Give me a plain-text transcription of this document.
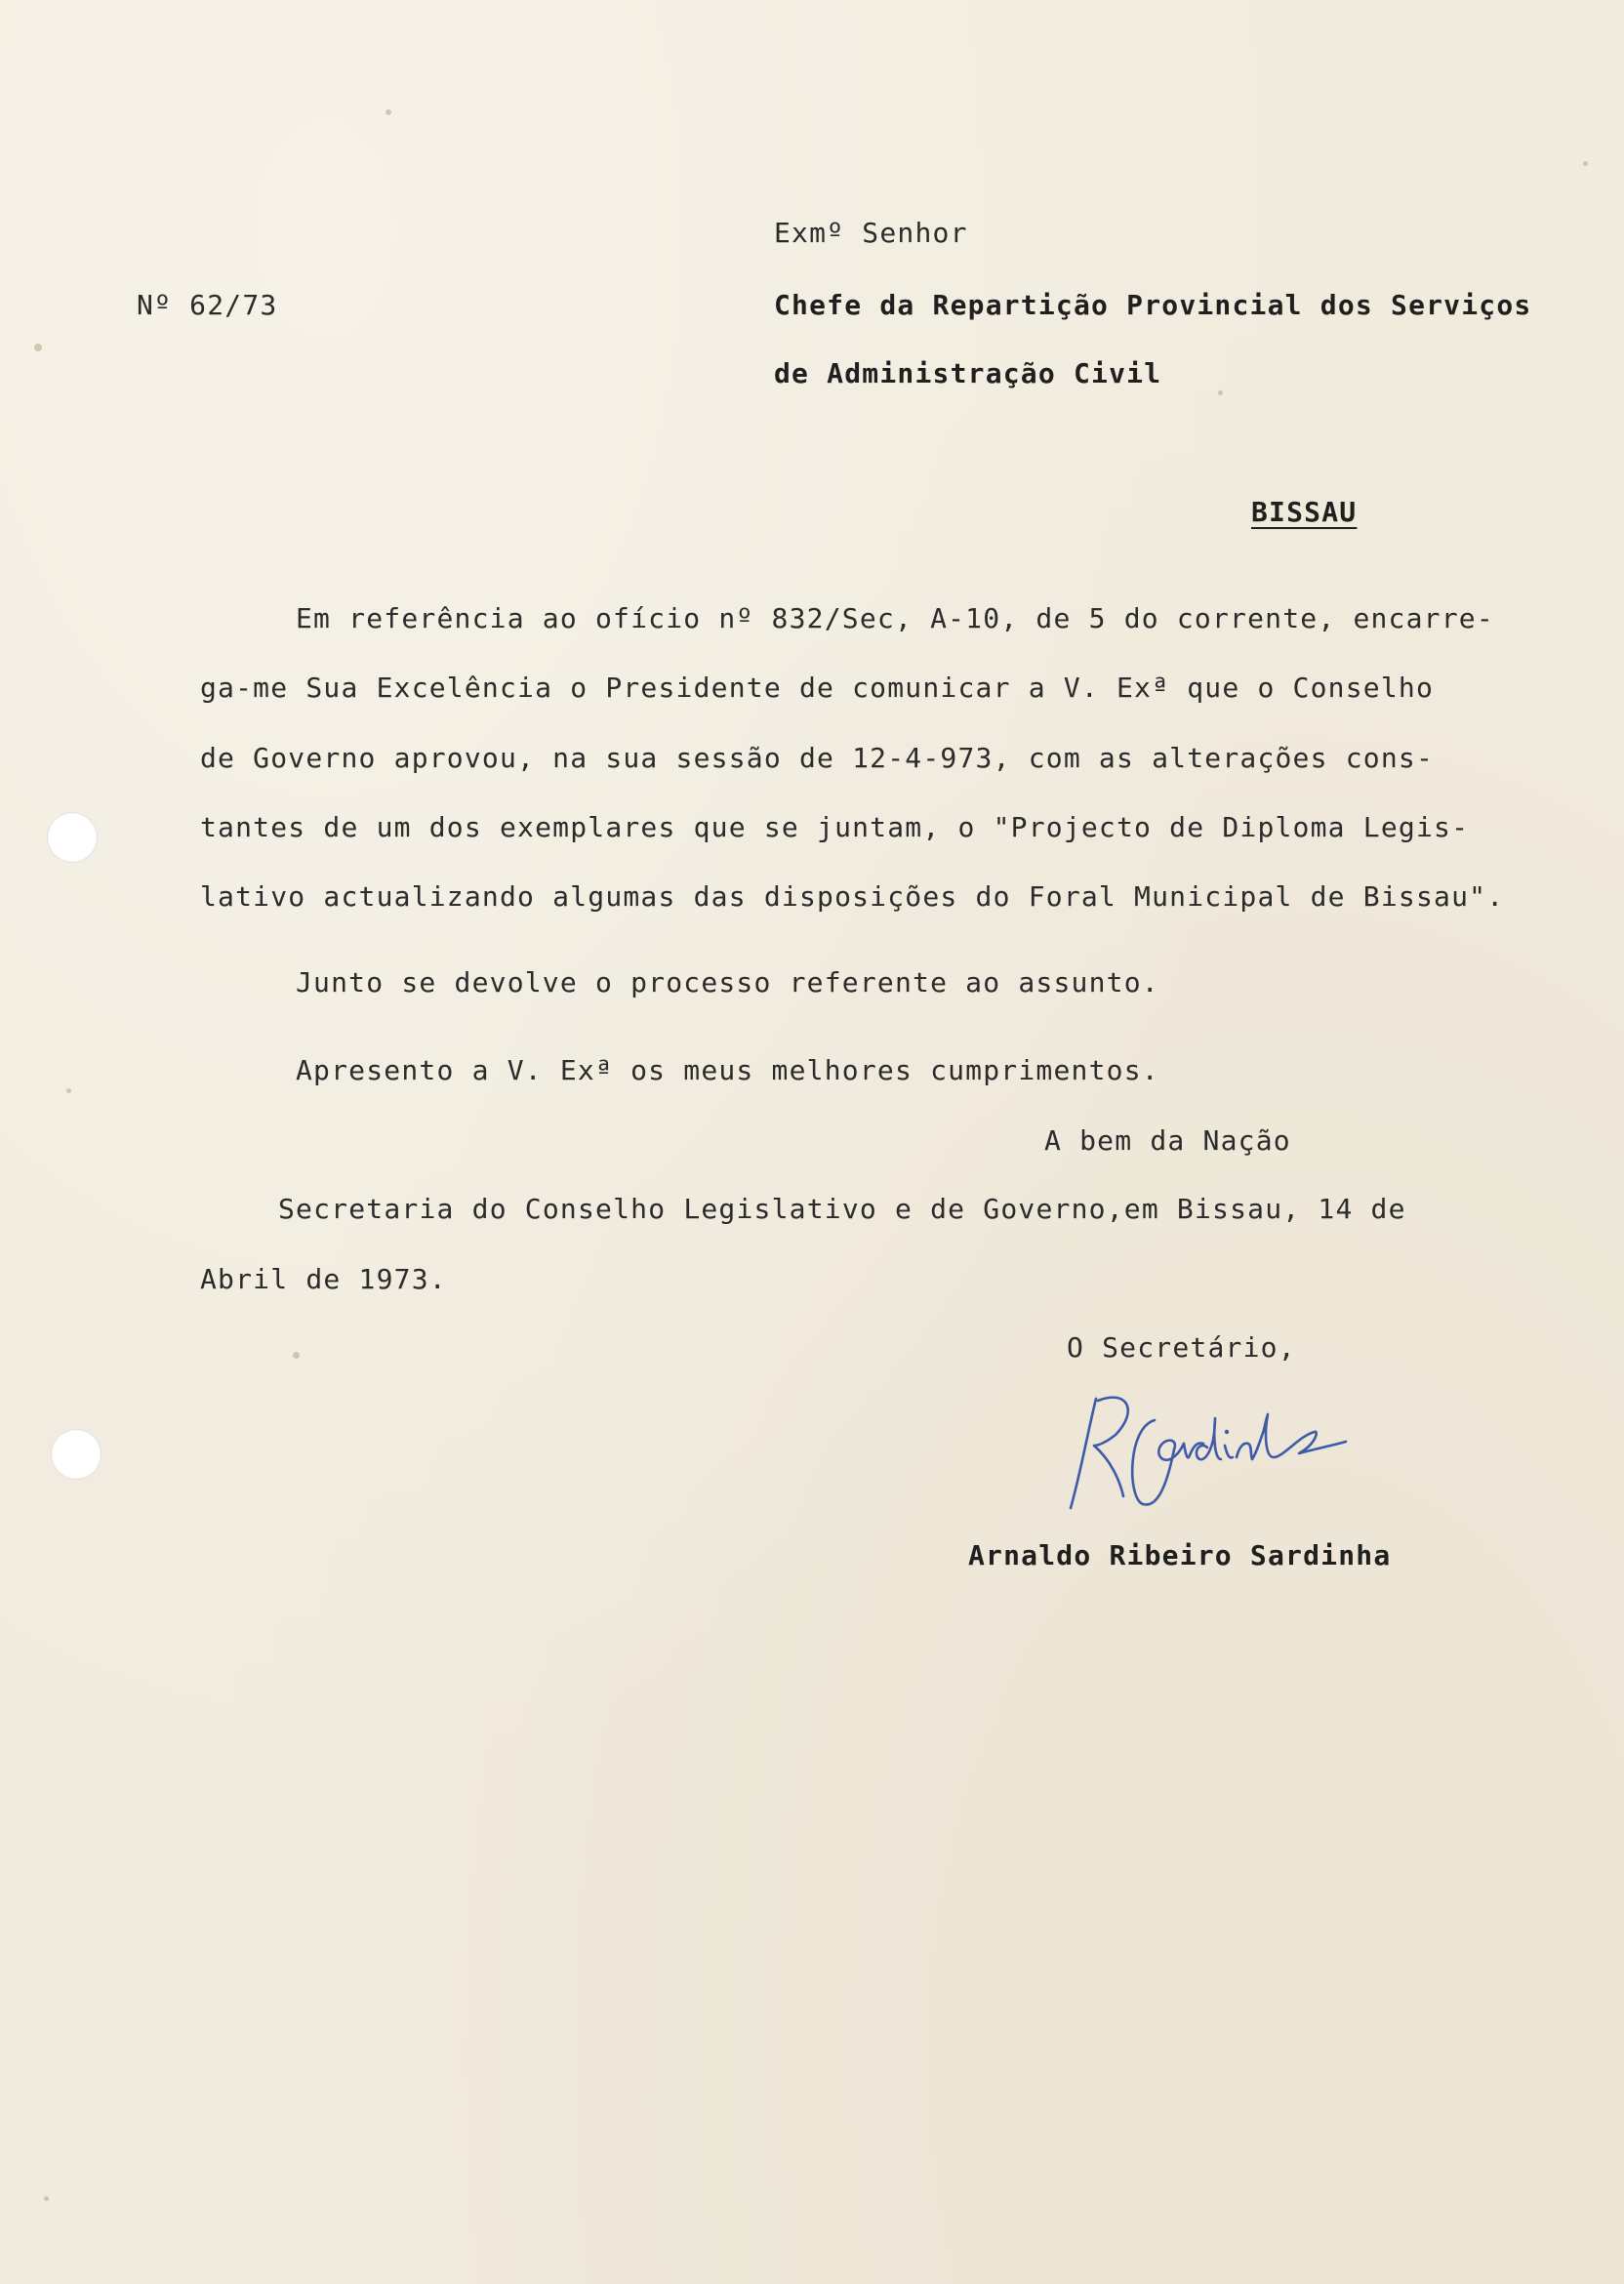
Exmº Senhor
Nº 62/73	Chefe da Repartição Provincial dos Serviços
de Administração Civil
BISSAU
Em referência ao ofício nº 832/Sec, A-10, de 5 do corrente, encarre-
ga-me Sua Excelência o Presidente de comunicar a V. Exª que o Conselho
de Governo aprovou, na sua sessão de 12-4-973, com as alterações cons-
tantes de um dos exemplares que se juntam, o "Projecto de Diploma Legis-
lativo actualizando algumas das disposições do Foral Municipal de Bissau".
Junto se devolve o processo referente ao assunto.
Apresento a V. Exª os meus melhores cumprimentos.
A bem da Nação
Secretaria do Conselho Legislativo e de Governo,em Bissau, 14 de
Abril de 1973.
O Secretário,
Arnaldo Ribeiro Sardinha
